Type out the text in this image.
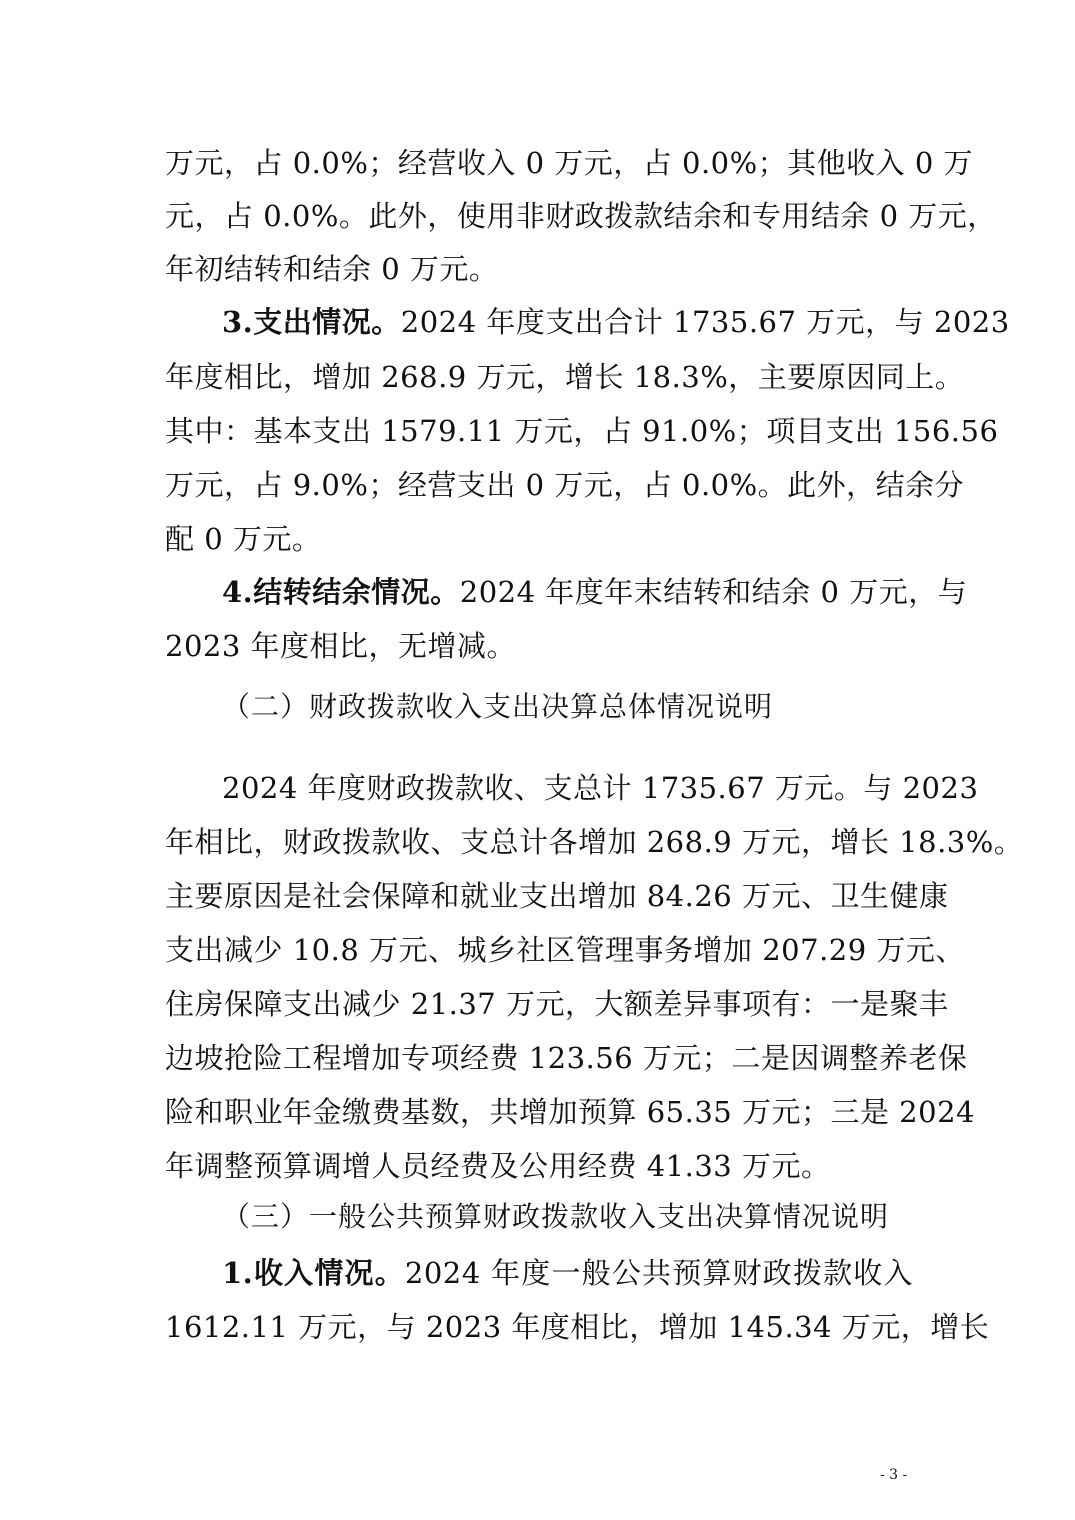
万元，占 0.0%；经营收入 0 万元，占 0.0%；其他收入 0 万
元，占 0.0%。此外，使用非财政拨款结余和专用结余 0 万元，
年初结转和结余 0 万元。
3.支出情况。2024 年度支出合计 1735.67 万元，与 2023
年度相比，增加 268.9 万元，增长 18.3%，主要原因同上。
其中：基本支出 1579.11 万元，占 91.0%；项目支出 156.56
万元，占 9.0%；经营支出 0 万元，占 0.0%。此外，结余分
配 0 万元。
4.结转结余情况。2024 年度年末结转和结余 0 万元，与
2023 年度相比，无增减。
（二）财政拨款收入支出决算总体情况说明
2024 年度财政拨款收、支总计 1735.67 万元。与 2023
年相比，财政拨款收、支总计各增加 268.9 万元，增长 18.3%。
主要原因是社会保障和就业支出增加 84.26 万元、卫生健康
支出减少 10.8 万元、城乡社区管理事务增加 207.29 万元、
住房保障支出减少 21.37 万元，大额差异事项有：一是聚丰
边坡抢险工程增加专项经费 123.56 万元；二是因调整养老保
险和职业年金缴费基数，共增加预算 65.35 万元；三是 2024
年调整预算调增人员经费及公用经费 41.33 万元。
（三）一般公共预算财政拨款收入支出决算情况说明
1.收入情况。2024 年度一般公共预算财政拨款收入
1612.11 万元，与 2023 年度相比，增加 145.34 万元，增长
- 3 -
